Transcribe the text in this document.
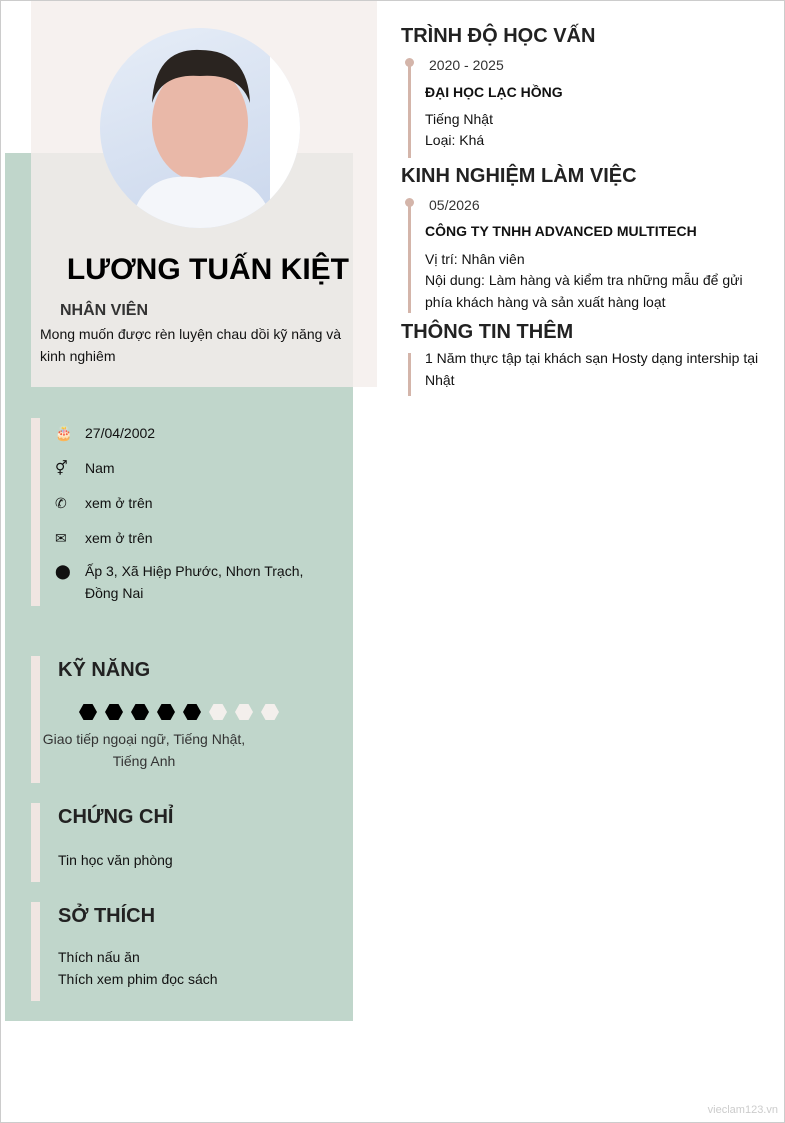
LƯƠNG TUẤN KIỆT
NHÂN VIÊN
Mong muốn được rèn luyện chau dồi kỹ năng và kinh nghiêm
🎂 27/04/2002
⚥	Nam
✆	xem ở trên
✉	xem ở trên
⬤	Ấp 3, Xã Hiệp Phước, Nhơn Trạch, Đồng Nai
KỸ NĂNG
Giao tiếp ngoại ngữ, Tiếng Nhật, Tiếng Anh
CHỨNG CHỈ
Tin học văn phòng
SỞ THÍCH
Thích nấu ăn
Thích xem phim đọc sách
TRÌNH ĐỘ HỌC VẤN
2020 - 2025
ĐẠI HỌC LẠC HỒNG
Tiếng Nhật
Loại: Khá
KINH NGHIỆM LÀM VIỆC
05/2026
CÔNG TY TNHH ADVANCED MULTITECH
Vị trí: Nhân viên
Nội dung: Làm hàng và kiểm tra những mẫu để gửi phía khách hàng và sản xuất hàng loạt
THÔNG TIN THÊM
1 Năm thực tập tại khách sạn Hosty dạng intership tại Nhật
vieclam123.vn
